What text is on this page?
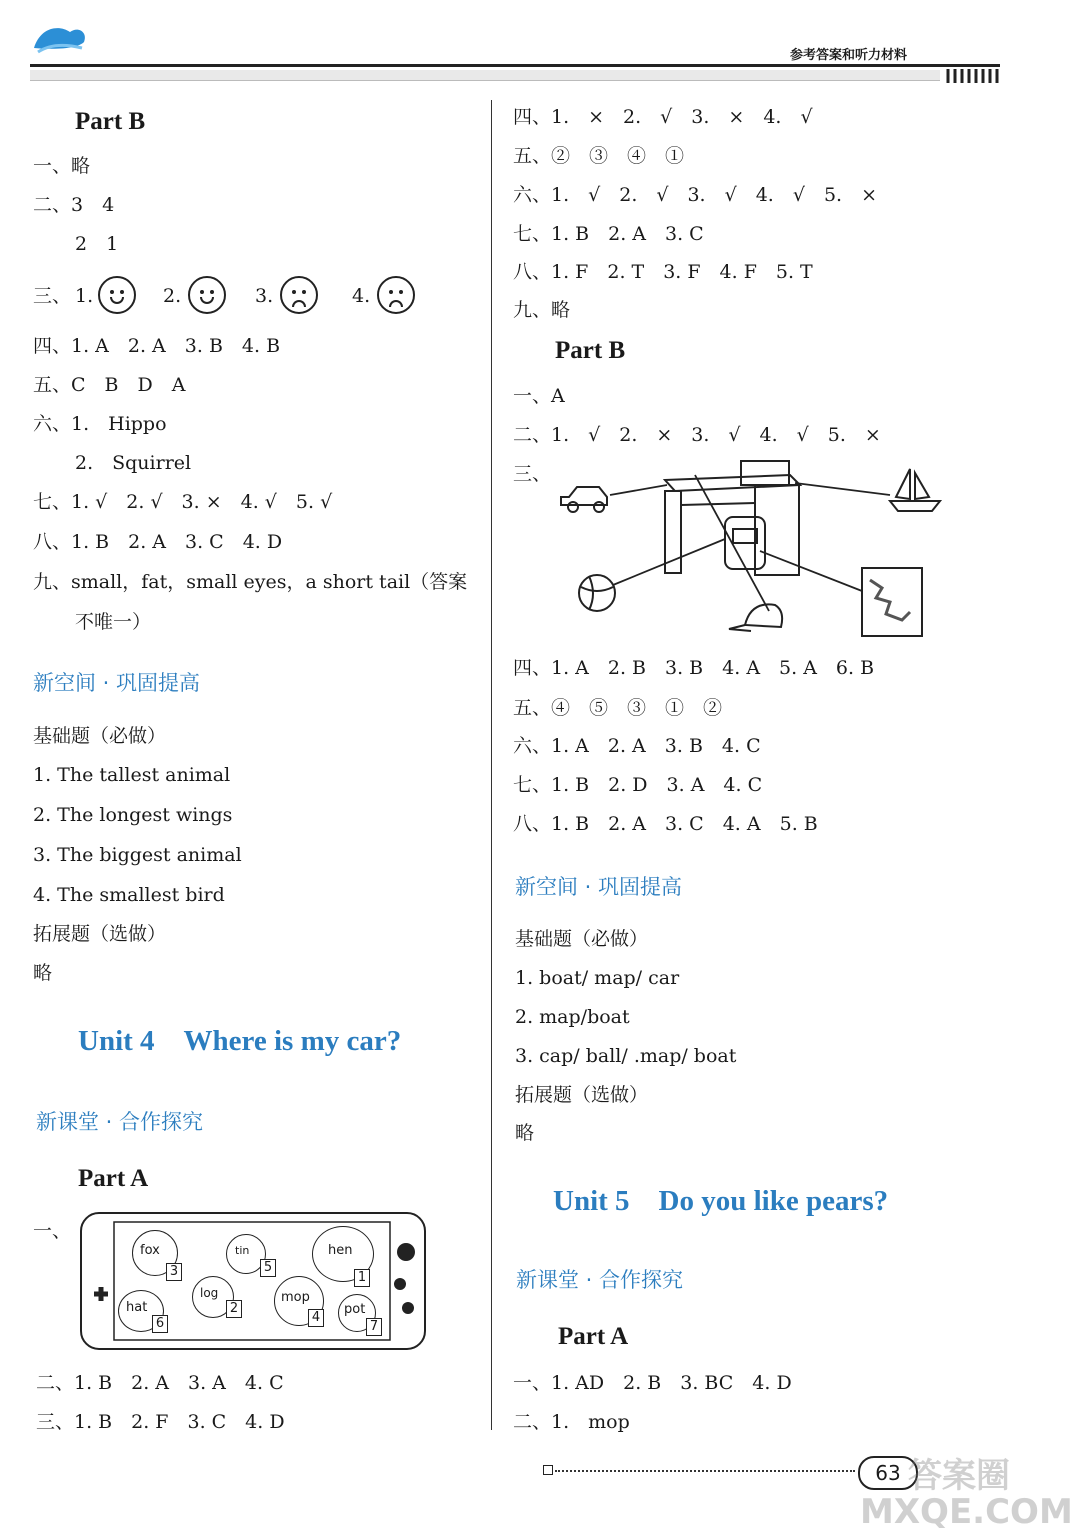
参考答案和听力材料
Part B
一、略
二、3　4
2　1
三、 1.	2.	3.	4.
四、1. A　2. A　3. B　4. B
五、C　B　D　A
六、1.　Hippo
2.　Squirrel
七、1. √　2. √　3. ×　4. √　5. √
八、1. B　2. A　3. C　4. D
九、small，fat，small eyes，a short tail（答案
不唯一）
新空间 · 巩固提高
基础题（必做）
1. The tallest animal
2. The longest wings
3. The biggest animal
4. The smallest bird
拓展题（选做）
略
Unit 4　Where is my car?
新课堂 · 合作探究
Part A
一、
fox
3
tin
5
hen
1
log
2
mop
4
hat
6
pot
7
二、1. B　2. A　3. A　4. C
三、1. B　2. F　3. C　4. D
四、1.　×　2.　√　3.　×　4.　√
五、②　③　④　①
六、1.　√　2.　√　3.　√　4.　√　5.　×
七、1. B　2. A　3. C
八、1. F　2. T　3. F　4. F　5. T
九、略
Part B
一、A
二、1.　√　2.　×　3.　√　4.　√　5.　×
三、
四、1. A　2. B　3. B　4. A　5. A　6. B
五、④　⑤　③　①　②
六、1. A　2. A　3. B　4. C
七、1. B　2. D　3. A　4. C
八、1. B　2. A　3. C　4. A　5. B
新空间 · 巩固提高
基础题（必做）
1. boat/ map/ car
2. map/boat
3. cap/ ball/ .map/ boat
拓展题（选做）
略
Unit 5　Do you like pears?
新课堂 · 合作探究
Part A
一、1. AD　2. B　3. BC　4. D
二、1.　mop
63 答案圈 MXQE.COM
